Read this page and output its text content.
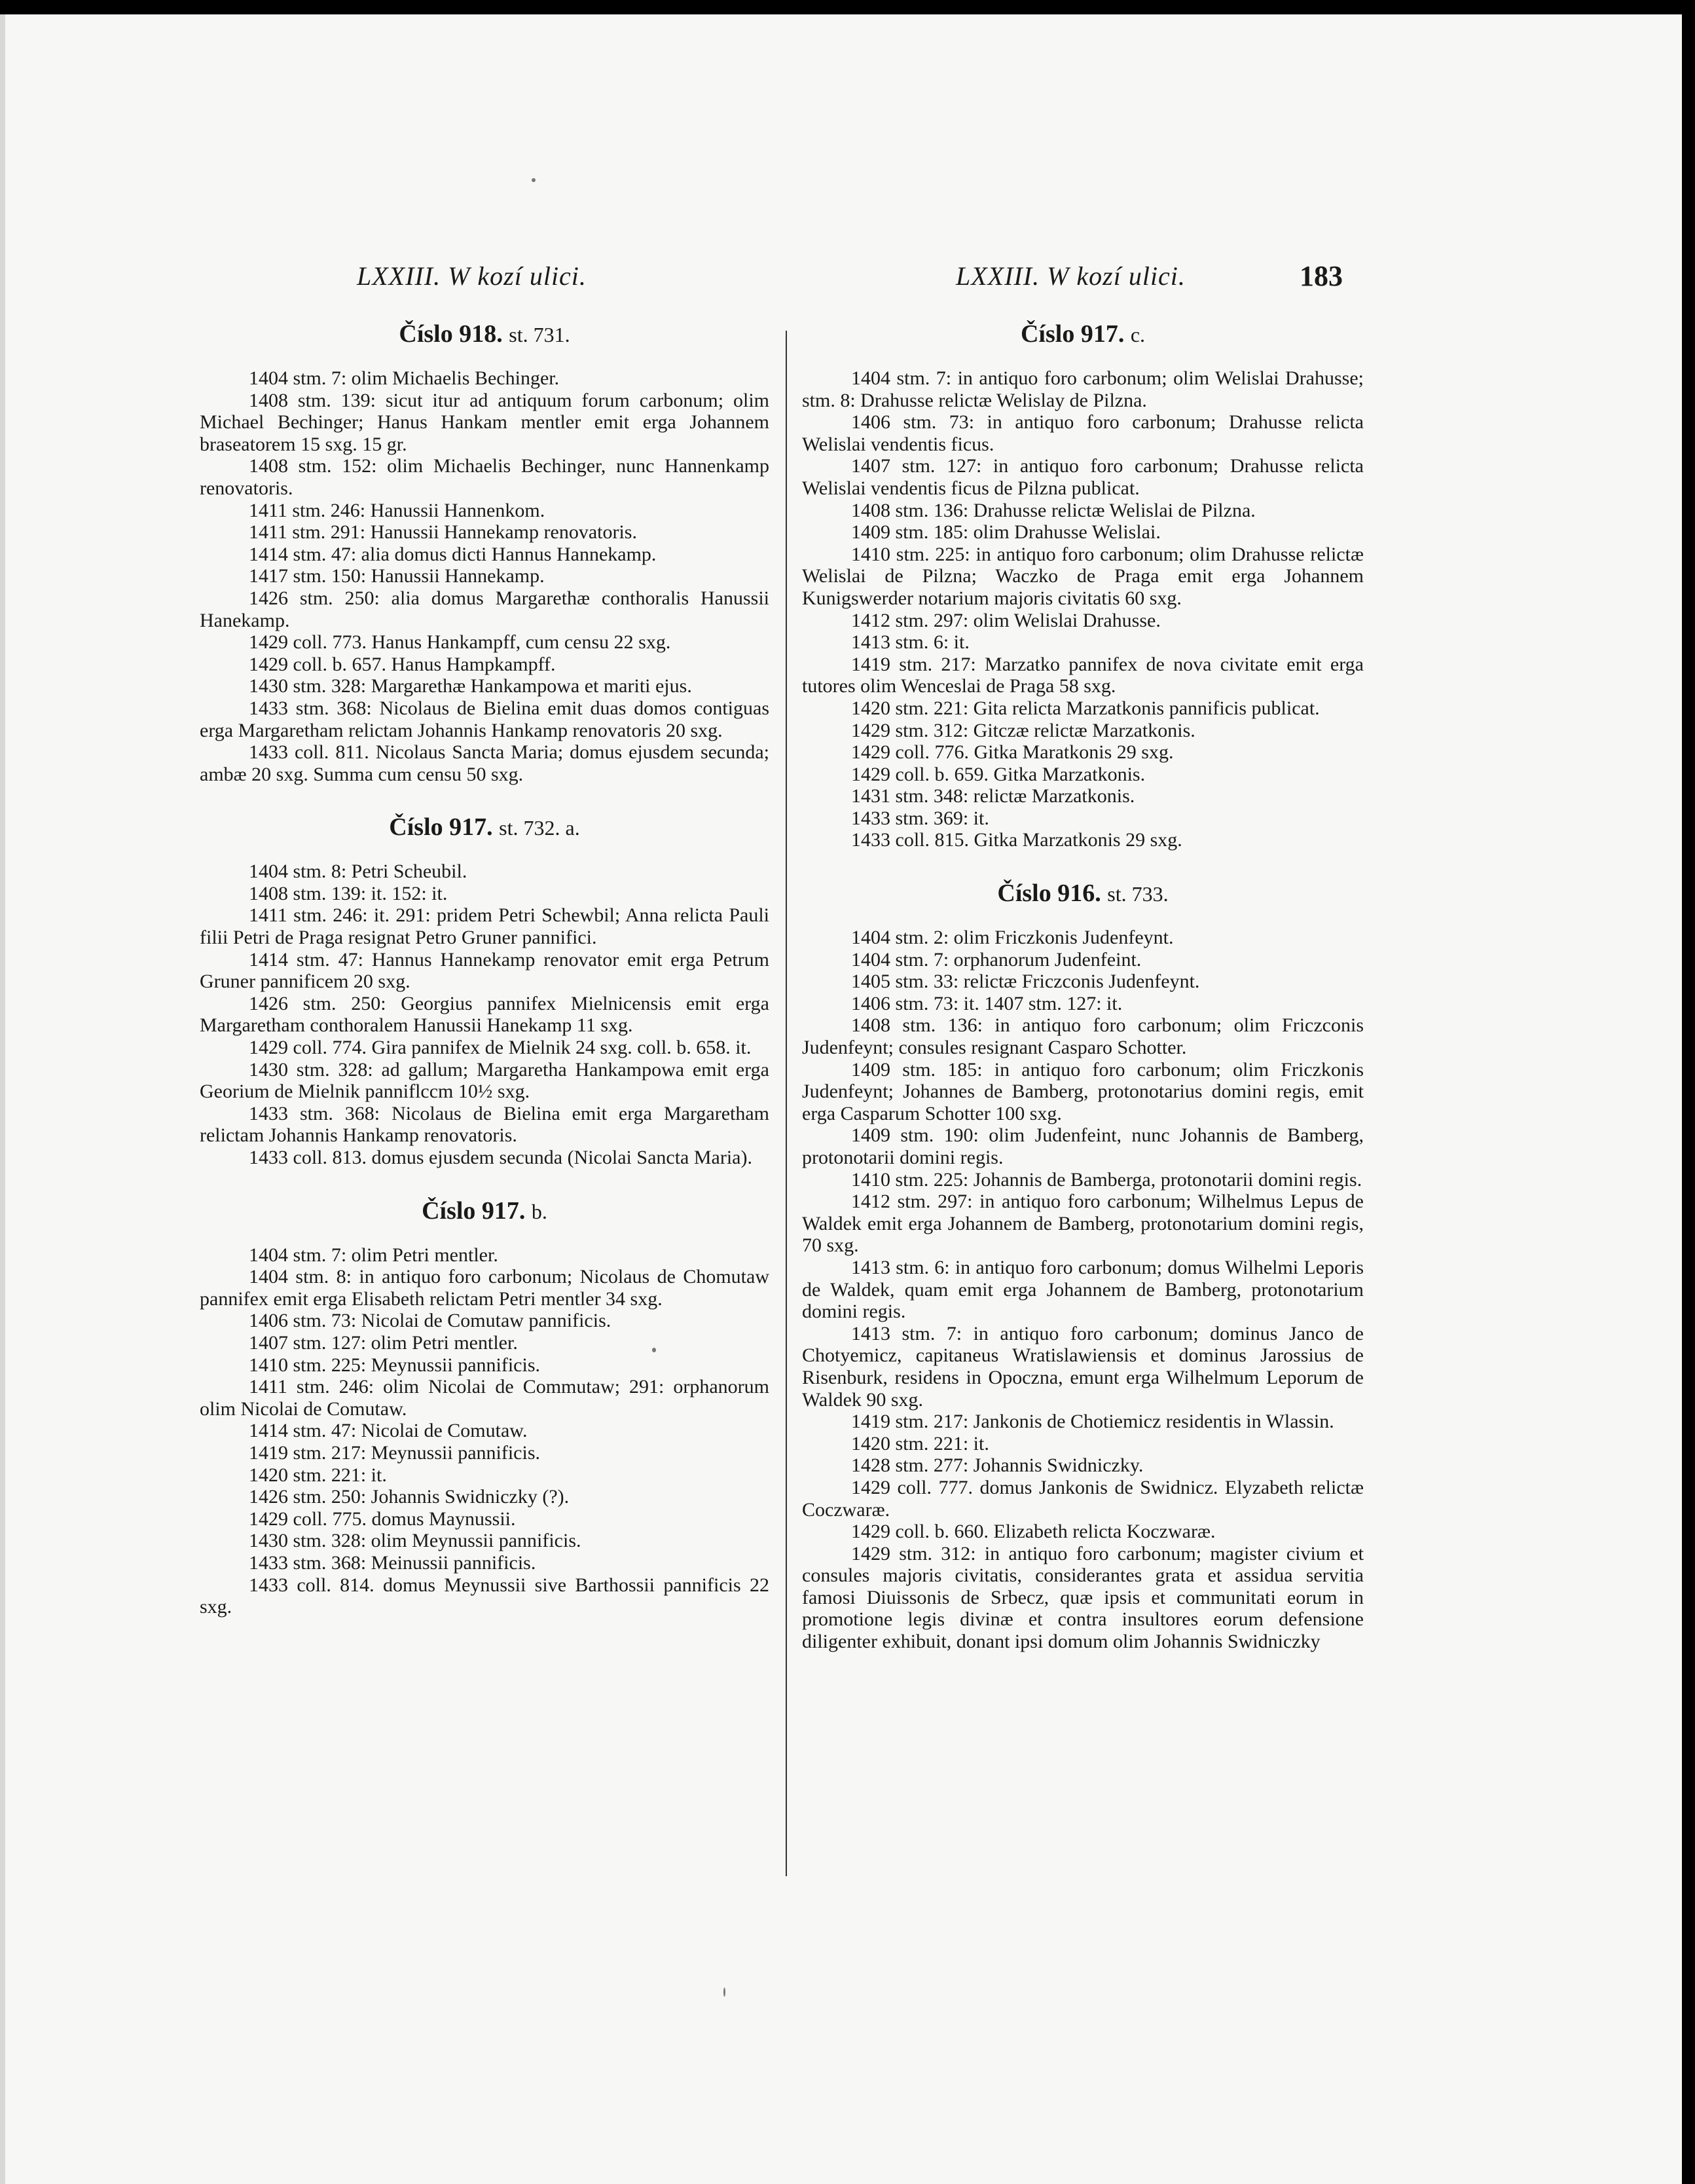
LXXIII. W kozí ulici.	LXXIII. W kozí ulici.	183

Číslo 918. st. 731.

1404 stm. 7: olim Michaelis Bechinger.

1408 stm. 139: sicut itur ad antiquum forum carbonum; olim Michael Bechinger; Hanus Hankam mentler emit erga Johannem braseatorem 15 sxg. 15 gr.

1408 stm. 152: olim Michaelis Bechinger, nunc Hannenkamp renovatoris.

1411 stm. 246: Hanussii Hannenkom.

1411 stm. 291: Hanussii Hannekamp renovatoris.

1414 stm. 47: alia domus dicti Hannus Hannekamp.

1417 stm. 150: Hanussii Hannekamp.

1426 stm. 250: alia domus Margarethæ conthoralis Hanussii Hanekamp.

1429 coll. 773. Hanus Hankampff, cum censu 22 sxg.

1429 coll. b. 657. Hanus Hampkampff.

1430 stm. 328: Margarethæ Hankampowa et mariti ejus.

1433 stm. 368: Nicolaus de Bielina emit duas domos contiguas erga Margaretham relictam Johannis Hankamp renovatoris 20 sxg.

1433 coll. 811. Nicolaus Sancta Maria; domus ejusdem secunda; ambæ 20 sxg. Summa cum censu 50 sxg.

Číslo 917. st. 732. a.

1404 stm. 8: Petri Scheubil.

1408 stm. 139: it. 152: it.

1411 stm. 246: it. 291: pridem Petri Schewbil; Anna relicta Pauli filii Petri de Praga resignat Petro Gruner pannifici.

1414 stm. 47: Hannus Hannekamp renovator emit erga Petrum Gruner pannificem 20 sxg.

1426 stm. 250: Georgius pannifex Mielnicensis emit erga Margaretham conthoralem Hanussii Hanekamp 11 sxg.

1429 coll. 774. Gira pannifex de Mielnik 24 sxg. coll. b. 658. it.

1430 stm. 328: ad gallum; Margaretha Hankampowa emit erga Georium de Mielnik panniflccm 10½ sxg.

1433 stm. 368: Nicolaus de Bielina emit erga Margaretham relictam Johannis Hankamp renovatoris.

1433 coll. 813. domus ejusdem secunda (Nicolai Sancta Maria).

Číslo 917. b.

1404 stm. 7: olim Petri mentler.

1404 stm. 8: in antiquo foro carbonum; Nicolaus de Chomutaw pannifex emit erga Elisabeth relictam Petri mentler 34 sxg.

1406 stm. 73: Nicolai de Comutaw pannificis.

1407 stm. 127: olim Petri mentler.

1410 stm. 225: Meynussii pannificis.

1411 stm. 246: olim Nicolai de Commutaw; 291: orphanorum olim Nicolai de Comutaw.

1414 stm. 47: Nicolai de Comutaw.

1419 stm. 217: Meynussii pannificis.

1420 stm. 221: it.

1426 stm. 250: Johannis Swidniczky (?).

1429 coll. 775. domus Maynussii.

1430 stm. 328: olim Meynussii pannificis.

1433 stm. 368: Meinussii pannificis.

1433 coll. 814. domus Meynussii sive Barthossii pannificis 22 sxg.

Číslo 917. c.

1404 stm. 7: in antiquo foro carbonum; olim Welislai Drahusse; stm. 8: Drahusse relictæ Welislay de Pilzna.

1406 stm. 73: in antiquo foro carbonum; Drahusse relicta Welislai vendentis ficus.

1407 stm. 127: in antiquo foro carbonum; Drahusse relicta Welislai vendentis ficus de Pilzna publicat.

1408 stm. 136: Drahusse relictæ Welislai de Pilzna.

1409 stm. 185: olim Drahusse Welislai.

1410 stm. 225: in antiquo foro carbonum; olim Drahusse relictæ Welislai de Pilzna; Waczko de Praga emit erga Johannem Kunigswerder notarium majoris civitatis 60 sxg.

1412 stm. 297: olim Welislai Drahusse.

1413 stm. 6: it.

1419 stm. 217: Marzatko pannifex de nova civitate emit erga tutores olim Wenceslai de Praga 58 sxg.

1420 stm. 221: Gita relicta Marzatkonis pannificis publicat.

1429 stm. 312: Gitczæ relictæ Marzatkonis.

1429 coll. 776. Gitka Maratkonis 29 sxg.

1429 coll. b. 659. Gitka Marzatkonis.

1431 stm. 348: relictæ Marzatkonis.

1433 stm. 369: it.

1433 coll. 815. Gitka Marzatkonis 29 sxg.

Číslo 916. st. 733.

1404 stm. 2: olim Friczkonis Judenfeynt.

1404 stm. 7: orphanorum Judenfeint.

1405 stm. 33: relictæ Friczconis Judenfeynt.

1406 stm. 73: it. 1407 stm. 127: it.

1408 stm. 136: in antiquo foro carbonum; olim Friczconis Judenfeynt; consules resignant Casparo Schotter.

1409 stm. 185: in antiquo foro carbonum; olim Friczkonis Judenfeynt; Johannes de Bamberg, protonotarius domini regis, emit erga Casparum Schotter 100 sxg.

1409 stm. 190: olim Judenfeint, nunc Johannis de Bamberg, protonotarii domini regis.

1410 stm. 225: Johannis de Bamberga, protonotarii domini regis.

1412 stm. 297: in antiquo foro carbonum; Wilhelmus Lepus de Waldek emit erga Johannem de Bamberg, protonotarium domini regis, 70 sxg.

1413 stm. 6: in antiquo foro carbonum; domus Wilhelmi Leporis de Waldek, quam emit erga Johannem de Bamberg, protonotarium domini regis.

1413 stm. 7: in antiquo foro carbonum; dominus Janco de Chotyemicz, capitaneus Wratislawiensis et dominus Jarossius de Risenburk, residens in Opoczna, emunt erga Wilhelmum Leporum de Waldek 90 sxg.

1419 stm. 217: Jankonis de Chotiemicz residentis in Wlassin.

1420 stm. 221: it.

1428 stm. 277: Johannis Swidniczky.

1429 coll. 777. domus Jankonis de Swidnicz. Elyzabeth relictæ Coczwaræ.

1429 coll. b. 660. Elizabeth relicta Koczwaræ.

1429 stm. 312: in antiquo foro carbonum; magister civium et consules majoris civitatis, considerantes grata et assidua servitia famosi Diuissonis de Srbecz, quæ ipsis et communitati eorum in promotione legis divinæ et contra insultores eorum defensione diligenter exhibuit, donant ipsi domum olim Johannis Swidniczky
